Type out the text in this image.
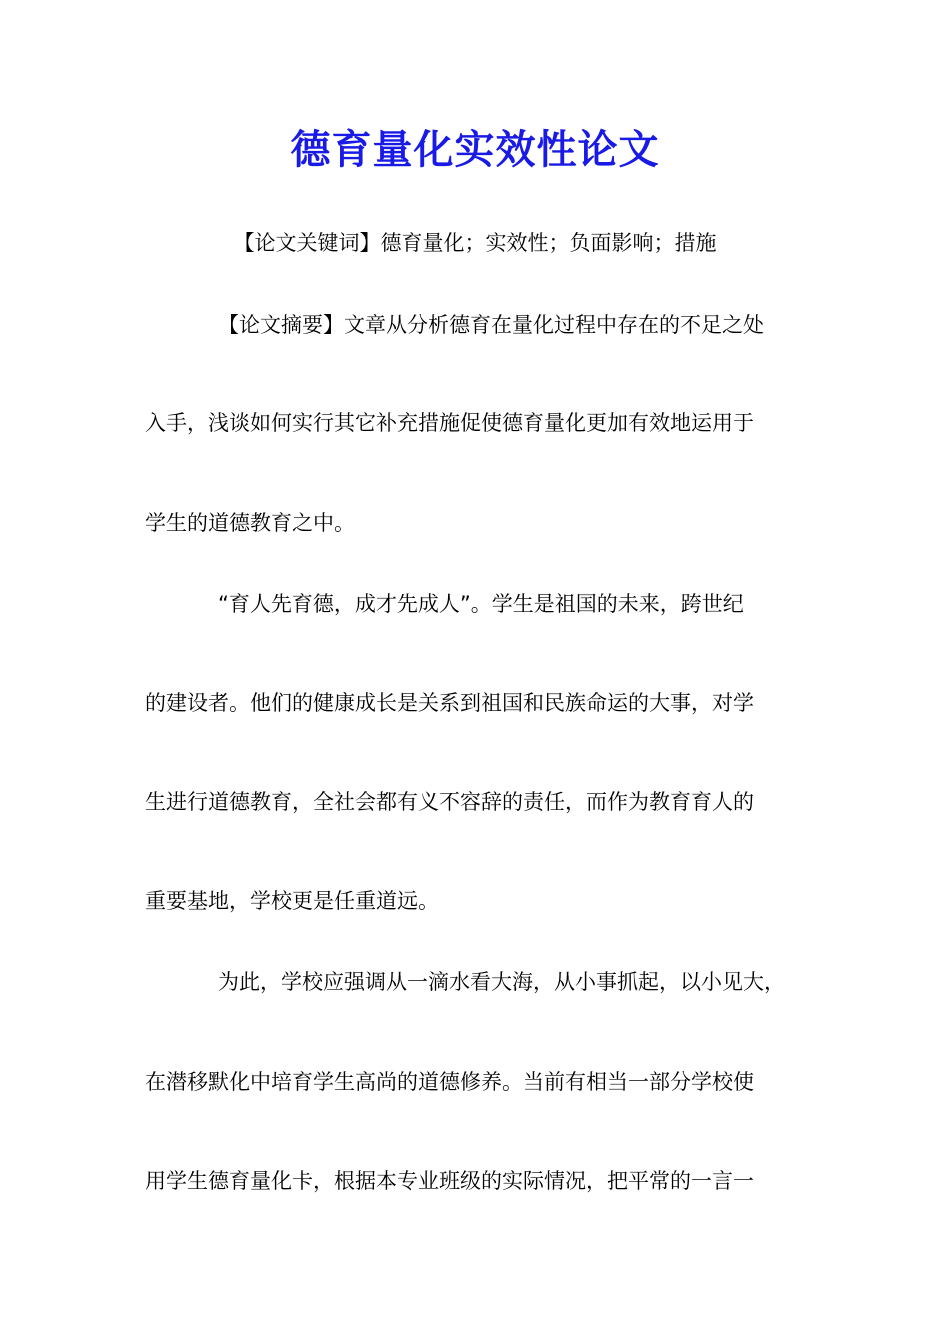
德育量化实效性论文
【论文关键词】德育量化；实效性；负面影响；措施
【论文摘要】文章从分析德育在量化过程中存在的不足之处
入手，浅谈如何实行其它补充措施促使德育量化更加有效地运用于
学生的道德教育之中。
“育人先育德，成才先成人”。学生是祖国的未来，跨世纪
的建设者。他们的健康成长是关系到祖国和民族命运的大事，对学
生进行道德教育，全社会都有义不容辞的责任，而作为教育育人的
重要基地，学校更是任重道远。
为此，学校应强调从一滴水看大海，从小事抓起，以小见大，
在潜移默化中培育学生高尚的道德修养。当前有相当一部分学校使
用学生德育量化卡，根据本专业班级的实际情况，把平常的一言一
